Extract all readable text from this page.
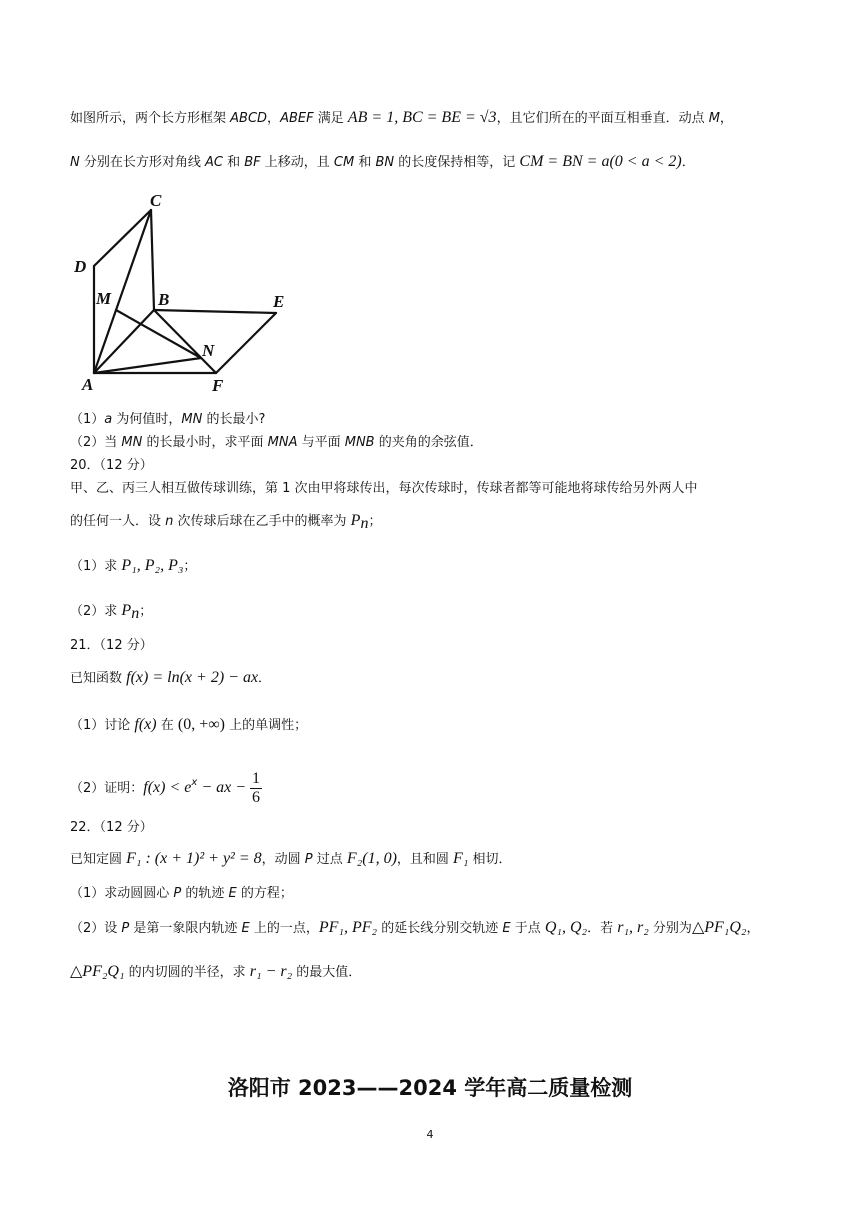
如图所示，两个长方形框架 ABCD，ABEF 满足 AB = 1, BC = BE = √3，且它们所在的平面互相垂直．动点 M，
N 分别在长方形对角线 AC 和 BF 上移动，且 CM 和 BN 的长度保持相等，记 CM = BN = a(0 < a < 2)．
C
D
M	B	E
N
A	F
（1）a 为何值时，MN 的长最小?
（2）当 MN 的长最小时，求平面 MNA 与平面 MNB 的夹角的余弦值．
20．（12 分）
甲、乙、丙三人相互做传球训练，第 1 次由甲将球传出，每次传球时，传球者都等可能地将球传给另外两人中
的任何一人．设 n 次传球后球在乙手中的概率为 $P_n$；
（1）求 P₁, P₂, P₃；
（2）求 $P_n$；
21．（12 分）
已知函数 f(x) = ln(x + 2) − ax．
（1）讨论 f(x) 在 (0, +∞) 上的单调性；
（2）证明：$f(x) < e^x$ − ax − $\frac{1}{6}$
22．（12 分）
已知定圆 F₁ : (x + 1)² + y² = 8，动圆 P 过点 F₂(1, 0)，且和圆 F₁ 相切．
（1）求动圆圆心 P 的轨迹 E 的方程；
（2）设 P 是第一象限内轨迹 E 上的一点，PF₁, PF₂ 的延长线分别交轨迹 E 于点 Q₁, Q₂．若 r₁, r₂ 分别为△PF₁Q₂，
△PF₂Q₁ 的内切圆的半径，求 r₁ − r₂ 的最大值．
洛阳市 2023——2024 学年高二质量检测
4
